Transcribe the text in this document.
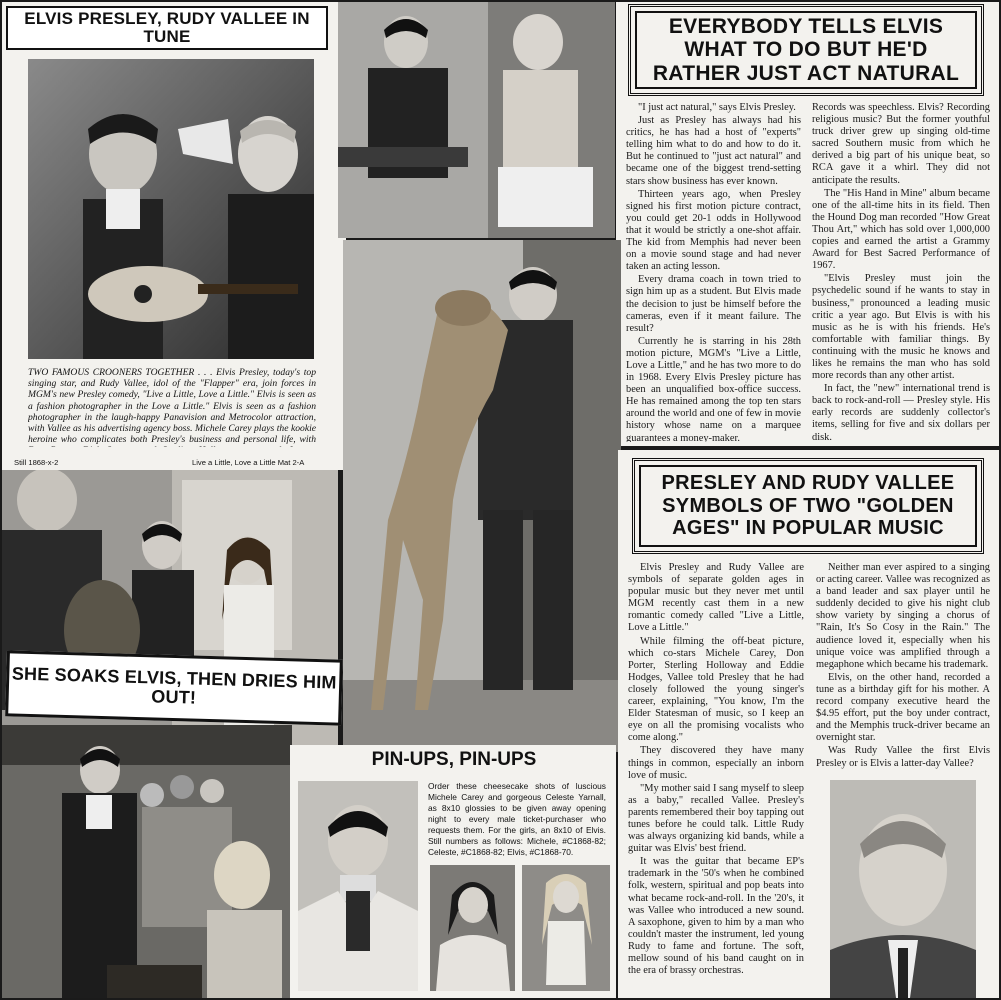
ELVIS PRESLEY, RUDY VALLEE IN TUNE
TWO FAMOUS CROONERS TOGETHER . . . Elvis Presley, today's top singing star, and Rudy Vallee, idol of the "Flapper" era, join forces in MGM's new Presley comedy, "Live a Little, Love a Little." Elvis is seen as a fashion photographer in the Love a Little." Elvis is seen as a fashion photographer in the laugh-happy Panavision and Metrocolor attraction, with Vallee as his advertising agency boss. Michele Carey plays the kookie heroine who complicates both Presley's business and personal life, with
Still 1868-x-2	Live a Little, Love a Little Mat 2-A
EVERYBODY TELLS ELVIS WHAT TO DO BUT HE'D RATHER JUST ACT NATURAL

"I just act natural," says Elvis Presley.

Just as Presley has always had his critics, he has had a host of "experts" telling him what to do and how to do it. But he continued to "just act natural" and became one of the biggest trend-setting stars show business has ever known.

Thirteen years ago, when Presley signed his first motion picture contract, you could get 20-1 odds in Hollywood that it would be strictly a one-shot affair. The kid from Memphis had never been on a movie sound stage and had never taken an acting lesson.

Every drama coach in town tried to sign him up as a student. But Elvis made the decision to just be himself before the cameras, even if it meant failure. The result?

Currently he is starring in his 28th motion picture, MGM's "Live a Little, Love a Little," and he has two more to do in 1968. Every Elvis Presley picture has been an unqualified box-office success. He has remained among the top ten stars around the world and one of few in movie history whose name on a marquee guarantees a money-maker.

Records was speechless. Elvis? Recording religious music? But the former youthful truck driver grew up singing old-time sacred Southern music from which he derived a big part of his unique beat, so RCA gave it a whirl. They did not anticipate the results.

The "His Hand in Mine" album became one of the all-time hits in its field. Then the Hound Dog man recorded "How Great Thou Art," which has sold over 1,000,000 copies and earned the artist a Grammy Award for Best Sacred Performance of 1967.

"Elvis Presley must join the psychedelic sound if he wants to stay in business," pronounced a leading music critic a year ago. But Elvis is with his music as he is with his friends. He's comfortable with familiar things. By continuing with the music he knows and likes he remains the man who has sold more records than any other artist.

In fact, the "new" international trend is back to rock-and-roll — Presley style. His early records are suddenly collector's items, selling for five and six dollars per disk.

SHE SOAKS ELVIS, THEN DRIES HIM OUT!
PIN-UPS, PIN-UPS
Order these cheesecake shots of luscious Michele Carey and gorgeous Celeste Yarnall, as 8x10 glossies to be given away opening night to every male ticket-purchaser who requests them. For the girls, an 8x10 of Elvis. Still numbers as follows: Michele, #C1868-82; Celeste, #C1868-82; Elvis, #C1868-70.
PRESLEY AND RUDY VALLEE SYMBOLS OF TWO "GOLDEN AGES" IN POPULAR MUSIC

Elvis Presley and Rudy Vallee are symbols of separate golden ages in popular music but they never met until MGM recently cast them in a new romantic comedy called "Live a Little, Love a Little."

While filming the off-beat picture, which co-stars Michele Carey, Don Porter, Sterling Holloway and Eddie Hodges, Vallee told Presley that he had closely followed the young singer's career, explaining, "You know, I'm the Elder Statesman of music, so I keep an eye on all the promising vocalists who come along."

They discovered they have many things in common, especially an inborn love of music.

"My mother said I sang myself to sleep as a baby," recalled Vallee. Presley's parents remembered their boy tapping out tunes before he could talk. Little Rudy was always organizing kid bands, while a guitar was Elvis' best friend.

It was the guitar that became EP's trademark in the '50's when he combined folk, western, spiritual and pop beats into what became rock-and-roll. In the '20's, it was Vallee who introduced a new sound. A saxophone, given to him by a man who couldn't master the instrument, led young Rudy to fame and fortune. The soft, mellow sound of his band caught on in the era of brassy orchestras.

Neither man ever aspired to a singing or acting career. Vallee was recognized as a band leader and sax player until he suddenly decided to give his night club show variety by singing a chorus of "Rain, It's So Cosy in the Rain." The audience loved it, especially when his unique voice was amplified through a megaphone which became his trademark.

Elvis, on the other hand, recorded a tune as a birthday gift for his mother. A record company executive heard the $4.95 effort, put the boy under contract, and the Memphis truck-driver became an overnight star.

Was Rudy Vallee the first Elvis Presley or is Elvis a latter-day Vallee?
